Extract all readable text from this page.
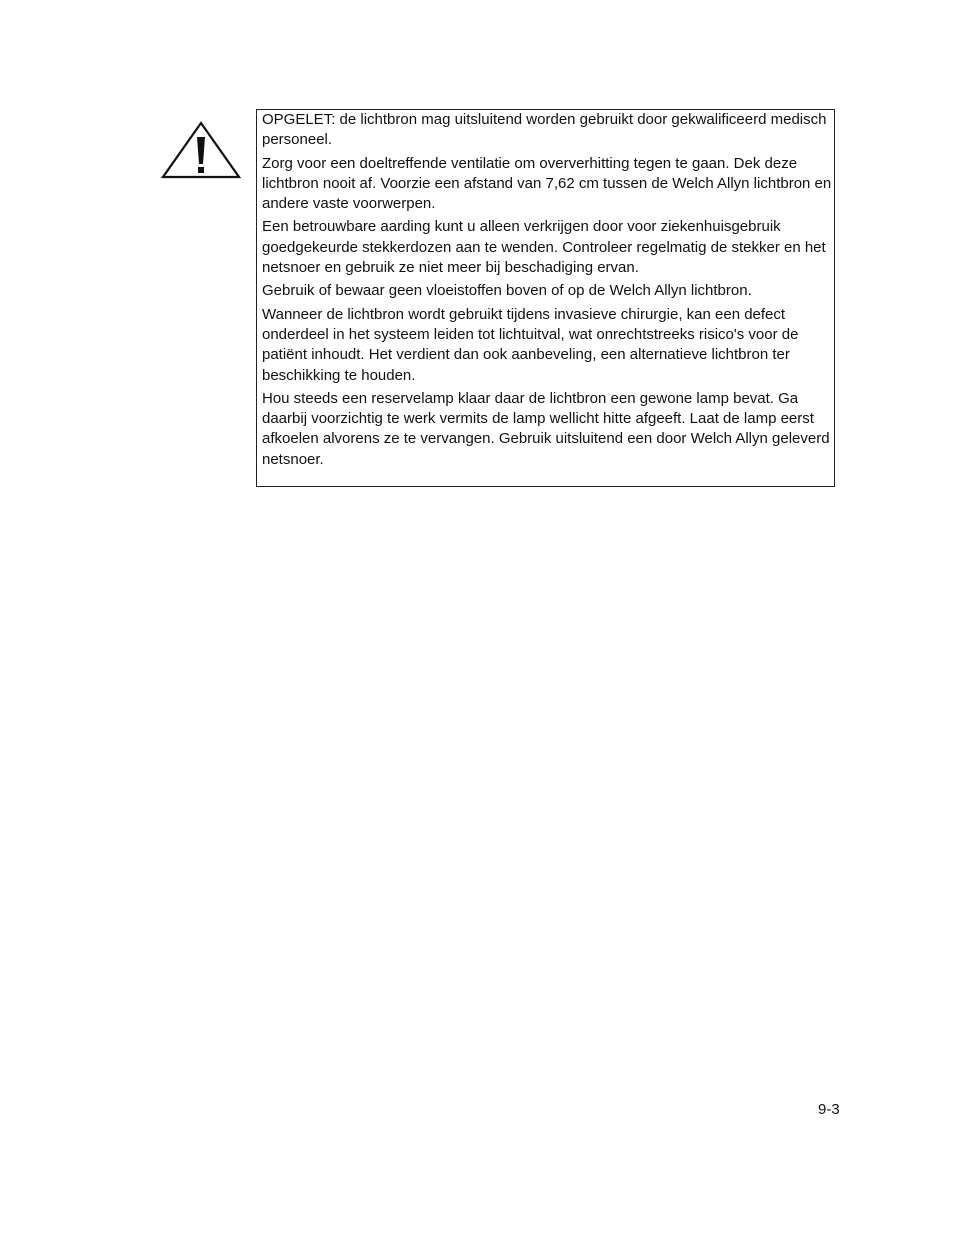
OPGELET: de lichtbron mag uitsluitend worden gebruikt door gekwalificeerd medisch personeel.

Zorg voor een doeltreffende ventilatie om oververhitting tegen te gaan. Dek deze lichtbron nooit af. Voorzie een afstand van 7,62 cm tussen de Welch Allyn lichtbron en andere vaste voorwerpen.

Een betrouwbare aarding kunt u alleen verkrijgen door voor ziekenhuisgebruik goedgekeurde stekkerdozen aan te wenden. Controleer regelmatig de stekker en het netsnoer en gebruik ze niet meer bij beschadiging ervan.

Gebruik of bewaar geen vloeistoffen boven of op de Welch Allyn lichtbron.

Wanneer de lichtbron wordt gebruikt tijdens invasieve chirurgie, kan een defect onderdeel in het systeem leiden tot lichtuitval, wat onrechtstreeks risico's voor de patiënt inhoudt. Het verdient dan ook aanbeveling, een alternatieve lichtbron ter beschikking te houden.

Hou steeds een reservelamp klaar daar de lichtbron een gewone lamp bevat. Ga daarbij voorzichtig te werk vermits de lamp wellicht hitte afgeeft. Laat de lamp eerst afkoelen alvorens ze te vervangen. Gebruik uitsluitend een door Welch Allyn geleverd netsnoer.

9-3
